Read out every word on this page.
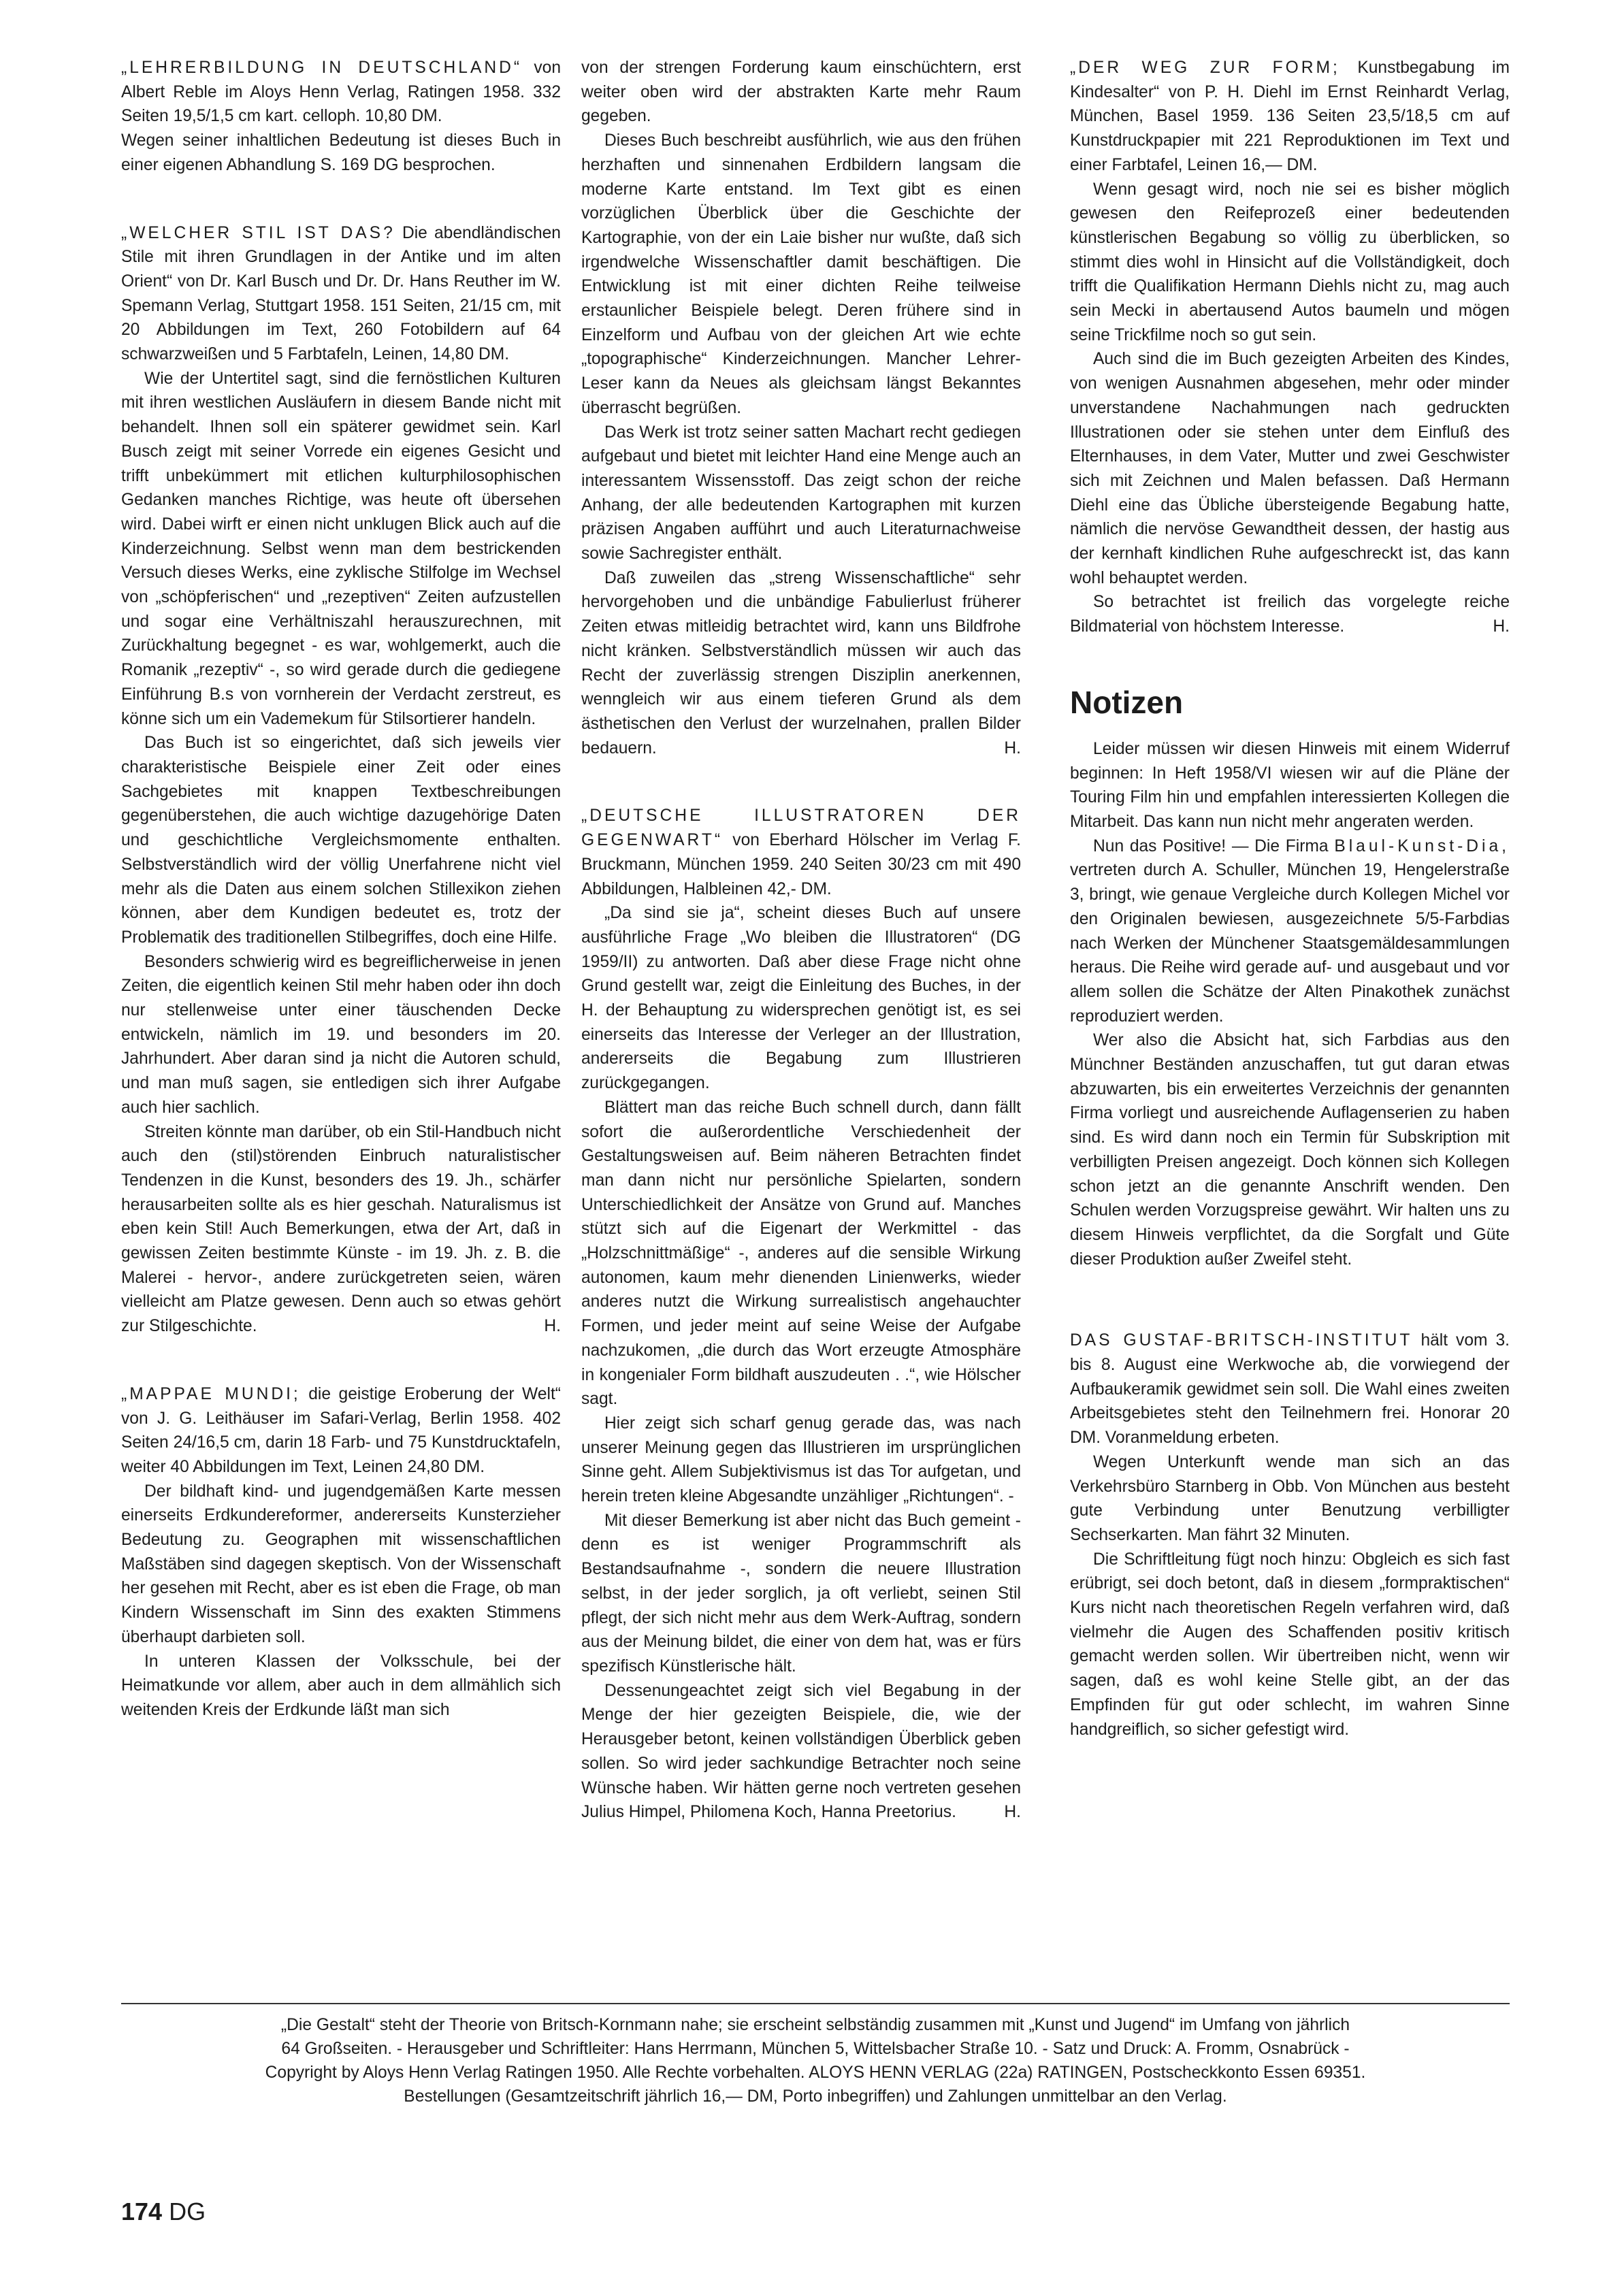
„LEHRERBILDUNG IN DEUTSCHLAND“ von Albert Reble im Aloys Henn Verlag, Ratingen 1958. 332 Seiten 19,5/1,5 cm kart. celloph. 10,80 DM.

Wegen seiner inhaltlichen Bedeutung ist dieses Buch in einer eigenen Abhandlung S. 169 DG besprochen.

„WELCHER STIL IST DAS? Die abendländischen Stile mit ihren Grundlagen in der Antike und im alten Orient“ von Dr. Karl Busch und Dr. Dr. Hans Reuther im W. Spemann Verlag, Stuttgart 1958. 151 Seiten, 21/15 cm, mit 20 Abbildungen im Text, 260 Fotobildern auf 64 schwarzweißen und 5 Farbtafeln, Leinen, 14,80 DM.

Wie der Untertitel sagt, sind die fernöstlichen Kulturen mit ihren westlichen Ausläufern in diesem Bande nicht mit behandelt. Ihnen soll ein späterer gewidmet sein. Karl Busch zeigt mit seiner Vorrede ein eigenes Gesicht und trifft unbekümmert mit etlichen kulturphilosophischen Gedanken manches Richtige, was heute oft übersehen wird. Dabei wirft er einen nicht unklugen Blick auch auf die Kinderzeichnung. Selbst wenn man dem bestrickenden Versuch dieses Werks, eine zyklische Stilfolge im Wechsel von „schöpferischen“ und „rezeptiven“ Zeiten aufzustellen und sogar eine Verhältniszahl herauszurechnen, mit Zurückhaltung begegnet - es war, wohlgemerkt, auch die Romanik „rezeptiv“ -, so wird gerade durch die gediegene Einführung B.s von vornherein der Verdacht zerstreut, es könne sich um ein Vademekum für Stilsortierer handeln.

Das Buch ist so eingerichtet, daß sich jeweils vier charakteristische Beispiele einer Zeit oder eines Sachgebietes mit knappen Textbeschreibungen gegenüberstehen, die auch wichtige dazugehörige Daten und geschichtliche Vergleichsmomente enthalten. Selbstverständlich wird der völlig Unerfahrene nicht viel mehr als die Daten aus einem solchen Stillexikon ziehen können, aber dem Kundigen bedeutet es, trotz der Problematik des traditionellen Stilbegriffes, doch eine Hilfe.

Besonders schwierig wird es begreiflicherweise in jenen Zeiten, die eigentlich keinen Stil mehr haben oder ihn doch nur stellenweise unter einer täuschenden Decke entwickeln, nämlich im 19. und besonders im 20. Jahrhundert. Aber daran sind ja nicht die Autoren schuld, und man muß sagen, sie entledigen sich ihrer Aufgabe auch hier sachlich.

Streiten könnte man darüber, ob ein Stil-Handbuch nicht auch den (stil)störenden Einbruch naturalistischer Tendenzen in die Kunst, besonders des 19. Jh., schärfer herausarbeiten sollte als es hier geschah. Naturalismus ist eben kein Stil! Auch Bemerkungen, etwa der Art, daß in gewissen Zeiten bestimmte Künste - im 19. Jh. z. B. die Malerei - hervor-, andere zurückgetreten seien, wären vielleicht am Platze gewesen. Denn auch so etwas gehört zur Stilgeschichte.	H.

„MAPPAE MUNDI; die geistige Eroberung der Welt“ von J. G. Leithäuser im Safari-Verlag, Berlin 1958. 402 Seiten 24/16,5 cm, darin 18 Farb- und 75 Kunstdrucktafeln, weiter 40 Abbildungen im Text, Leinen 24,80 DM.

Der bildhaft kind- und jugendgemäßen Karte messen einerseits Erdkundereformer, andererseits Kunsterzieher Bedeutung zu. Geographen mit wissenschaftlichen Maßstäben sind dagegen skeptisch. Von der Wissenschaft her gesehen mit Recht, aber es ist eben die Frage, ob man Kindern Wissenschaft im Sinn des exakten Stimmens überhaupt darbieten soll.

In unteren Klassen der Volksschule, bei der Heimatkunde vor allem, aber auch in dem allmählich sich weitenden Kreis der Erdkunde läßt man sich

von der strengen Forderung kaum einschüchtern, erst weiter oben wird der abstrakten Karte mehr Raum gegeben.

Dieses Buch beschreibt ausführlich, wie aus den frühen herzhaften und sinnenahen Erdbildern langsam die moderne Karte entstand. Im Text gibt es einen vorzüglichen Überblick über die Geschichte der Kartographie, von der ein Laie bisher nur wußte, daß sich irgendwelche Wissenschaftler damit beschäftigen. Die Entwicklung ist mit einer dichten Reihe teilweise erstaunlicher Beispiele belegt. Deren frühere sind in Einzelform und Aufbau von der gleichen Art wie echte „topographische“ Kinderzeichnungen. Mancher Lehrer-Leser kann da Neues als gleichsam längst Bekanntes überrascht begrüßen.

Das Werk ist trotz seiner satten Machart recht gediegen aufgebaut und bietet mit leichter Hand eine Menge auch an interessantem Wissensstoff. Das zeigt schon der reiche Anhang, der alle bedeutenden Kartographen mit kurzen präzisen Angaben aufführt und auch Literaturnachweise sowie Sachregister enthält.

Daß zuweilen das „streng Wissenschaftliche“ sehr hervorgehoben und die unbändige Fabulierlust früherer Zeiten etwas mitleidig betrachtet wird, kann uns Bildfrohe nicht kränken. Selbstverständlich müssen wir auch das Recht der zuverlässig strengen Disziplin anerkennen, wenngleich wir aus einem tieferen Grund als dem ästhetischen den Verlust der wurzelnahen, prallen Bilder bedauern.	H.

„DEUTSCHE ILLUSTRATOREN DER GEGENWART“ von Eberhard Hölscher im Verlag F. Bruckmann, München 1959. 240 Seiten 30/23 cm mit 490 Abbildungen, Halbleinen 42,- DM.

„Da sind sie ja“, scheint dieses Buch auf unsere ausführliche Frage „Wo bleiben die Illustratoren“ (DG 1959/II) zu antworten. Daß aber diese Frage nicht ohne Grund gestellt war, zeigt die Einleitung des Buches, in der H. der Behauptung zu widersprechen genötigt ist, es sei einerseits das Interesse der Verleger an der Illustration, andererseits die Begabung zum Illustrieren zurückgegangen.

Blättert man das reiche Buch schnell durch, dann fällt sofort die außerordentliche Verschiedenheit der Gestaltungsweisen auf. Beim näheren Betrachten findet man dann nicht nur persönliche Spielarten, sondern Unterschiedlichkeit der Ansätze von Grund auf. Manches stützt sich auf die Eigenart der Werkmittel - das „Holzschnittmäßige“ -, anderes auf die sensible Wirkung autonomen, kaum mehr dienenden Linienwerks, wieder anderes nutzt die Wirkung surrealistisch angehauchter Formen, und jeder meint auf seine Weise der Aufgabe nachzukomen, „die durch das Wort erzeugte Atmosphäre in kongenialer Form bildhaft auszudeuten . .“, wie Hölscher sagt.

Hier zeigt sich scharf genug gerade das, was nach unserer Meinung gegen das Illustrieren im ursprünglichen Sinne geht. Allem Subjektivismus ist das Tor aufgetan, und herein treten kleine Abgesandte unzähliger „Richtungen“. -

Mit dieser Bemerkung ist aber nicht das Buch gemeint - denn es ist weniger Programmschrift als Bestandsaufnahme -, sondern die neuere Illustration selbst, in der jeder sorglich, ja oft verliebt, seinen Stil pflegt, der sich nicht mehr aus dem Werk-Auftrag, sondern aus der Meinung bildet, die einer von dem hat, was er fürs spezifisch Künstlerische hält.

Dessenungeachtet zeigt sich viel Begabung in der Menge der hier gezeigten Beispiele, die, wie der Herausgeber betont, keinen vollständigen Überblick geben sollen. So wird jeder sachkundige Betrachter noch seine Wünsche haben. Wir hätten gerne noch vertreten gesehen Julius Himpel, Philomena Koch, Hanna Preetorius.	H.

„DER WEG ZUR FORM; Kunstbegabung im Kindesalter“ von P. H. Diehl im Ernst Reinhardt Verlag, München, Basel 1959. 136 Seiten 23,5/18,5 cm auf Kunstdruckpapier mit 221 Reproduktionen im Text und einer Farbtafel, Leinen 16,— DM.

Wenn gesagt wird, noch nie sei es bisher möglich gewesen den Reifeprozeß einer bedeutenden künstlerischen Begabung so völlig zu überblicken, so stimmt dies wohl in Hinsicht auf die Vollständigkeit, doch trifft die Qualifikation Hermann Diehls nicht zu, mag auch sein Mecki in abertausend Autos baumeln und mögen seine Trickfilme noch so gut sein.

Auch sind die im Buch gezeigten Arbeiten des Kindes, von wenigen Ausnahmen abgesehen, mehr oder minder unverstandene Nachahmungen nach gedruckten Illustrationen oder sie stehen unter dem Einfluß des Elternhauses, in dem Vater, Mutter und zwei Geschwister sich mit Zeichnen und Malen befassen. Daß Hermann Diehl eine das Übliche übersteigende Begabung hatte, nämlich die nervöse Gewandtheit dessen, der hastig aus der kernhaft kindlichen Ruhe aufgeschreckt ist, das kann wohl behauptet werden.

So betrachtet ist freilich das vorgelegte reiche Bildmaterial von höchstem Interesse.	H.

Notizen

Leider müssen wir diesen Hinweis mit einem Widerruf beginnen: In Heft 1958/VI wiesen wir auf die Pläne der Touring Film hin und empfahlen interessierten Kollegen die Mitarbeit. Das kann nun nicht mehr angeraten werden.

Nun das Positive! — Die Firma Blaul-Kunst-Dia, vertreten durch A. Schuller, München 19, Hengelerstraße 3, bringt, wie genaue Vergleiche durch Kollegen Michel vor den Originalen bewiesen, ausgezeichnete 5/5-Farbdias nach Werken der Münchener Staatsgemäldesammlungen heraus. Die Reihe wird gerade auf- und ausgebaut und vor allem sollen die Schätze der Alten Pinakothek zunächst reproduziert werden.

Wer also die Absicht hat, sich Farbdias aus den Münchner Beständen anzuschaffen, tut gut daran etwas abzuwarten, bis ein erweitertes Verzeichnis der genannten Firma vorliegt und ausreichende Auflagenserien zu haben sind. Es wird dann noch ein Termin für Subskription mit verbilligten Preisen angezeigt. Doch können sich Kollegen schon jetzt an die genannte Anschrift wenden. Den Schulen werden Vorzugspreise gewährt. Wir halten uns zu diesem Hinweis verpflichtet, da die Sorgfalt und Güte dieser Produktion außer Zweifel steht.

DAS GUSTAF-BRITSCH-INSTITUT hält vom 3. bis 8. August eine Werkwoche ab, die vorwiegend der Aufbaukeramik gewidmet sein soll. Die Wahl eines zweiten Arbeitsgebietes steht den Teilnehmern frei. Honorar 20 DM. Voranmeldung erbeten.

Wegen Unterkunft wende man sich an das Verkehrsbüro Starnberg in Obb. Von München aus besteht gute Verbindung unter Benutzung verbilligter Sechserkarten. Man fährt 32 Minuten.

Die Schriftleitung fügt noch hinzu: Obgleich es sich fast erübrigt, sei doch betont, daß in diesem „formpraktischen“ Kurs nicht nach theoretischen Regeln verfahren wird, daß vielmehr die Augen des Schaffenden positiv kritisch gemacht werden sollen. Wir übertreiben nicht, wenn wir sagen, daß es wohl keine Stelle gibt, an der das Empfinden für gut oder schlecht, im wahren Sinne handgreiflich, so sicher gefestigt wird.

„Die Gestalt“ steht der Theorie von Britsch-Kornmann nahe; sie erscheint selbständig zusammen mit „Kunst und Jugend“ im Umfang von jährlich

64 Großseiten. - Herausgeber und Schriftleiter: Hans Herrmann, München 5, Wittelsbacher Straße 10. - Satz und Druck: A. Fromm, Osnabrück -

Copyright by Aloys Henn Verlag Ratingen 1950. Alle Rechte vorbehalten. ALOYS HENN VERLAG (22a) RATINGEN, Postscheckkonto Essen 69351.

Bestellungen (Gesamtzeitschrift jährlich 16,— DM, Porto inbegriffen) und Zahlungen unmittelbar an den Verlag.

174 DG
